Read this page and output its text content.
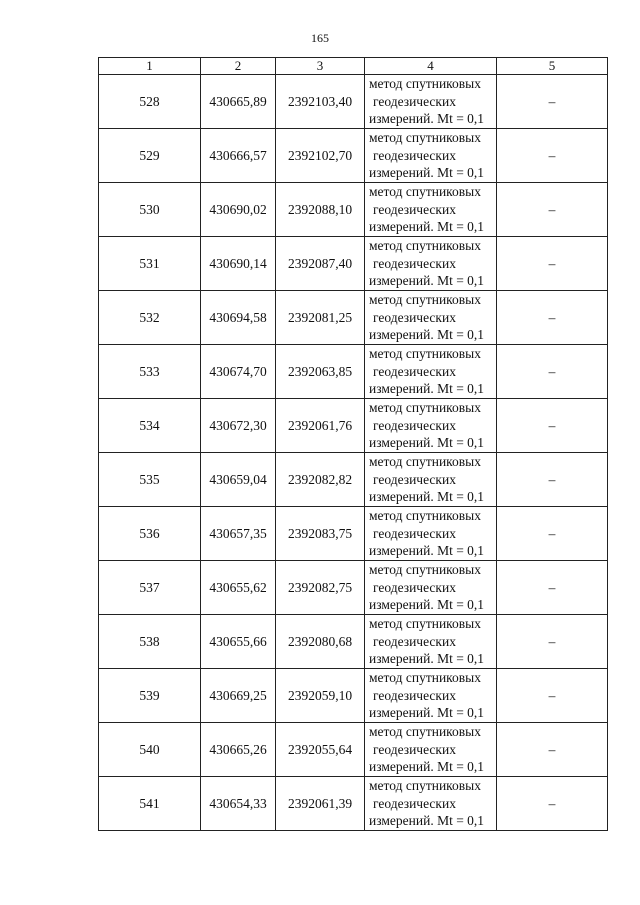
165
1	2	3	4	5
528	430665,89	2392103,40	метод спутниковых
геодезических
измерений. Mt = 0,1	–
529	430666,57	2392102,70	метод спутниковых
геодезических
измерений. Mt = 0,1	–
530	430690,02	2392088,10	метод спутниковых
геодезических
измерений. Mt = 0,1	–
531	430690,14	2392087,40	метод спутниковых
геодезических
измерений. Mt = 0,1	–
532	430694,58	2392081,25	метод спутниковых
геодезических
измерений. Mt = 0,1	–
533	430674,70	2392063,85	метод спутниковых
геодезических
измерений. Mt = 0,1	–
534	430672,30	2392061,76	метод спутниковых
геодезических
измерений. Mt = 0,1	–
535	430659,04	2392082,82	метод спутниковых
геодезических
измерений. Mt = 0,1	–
536	430657,35	2392083,75	метод спутниковых
геодезических
измерений. Mt = 0,1	–
537	430655,62	2392082,75	метод спутниковых
геодезических
измерений. Mt = 0,1	–
538	430655,66	2392080,68	метод спутниковых
геодезических
измерений. Mt = 0,1	–
539	430669,25	2392059,10	метод спутниковых
геодезических
измерений. Mt = 0,1	–
540	430665,26	2392055,64	метод спутниковых
геодезических
измерений. Mt = 0,1	–
541	430654,33	2392061,39	метод спутниковых
геодезических
измерений. Mt = 0,1	–
